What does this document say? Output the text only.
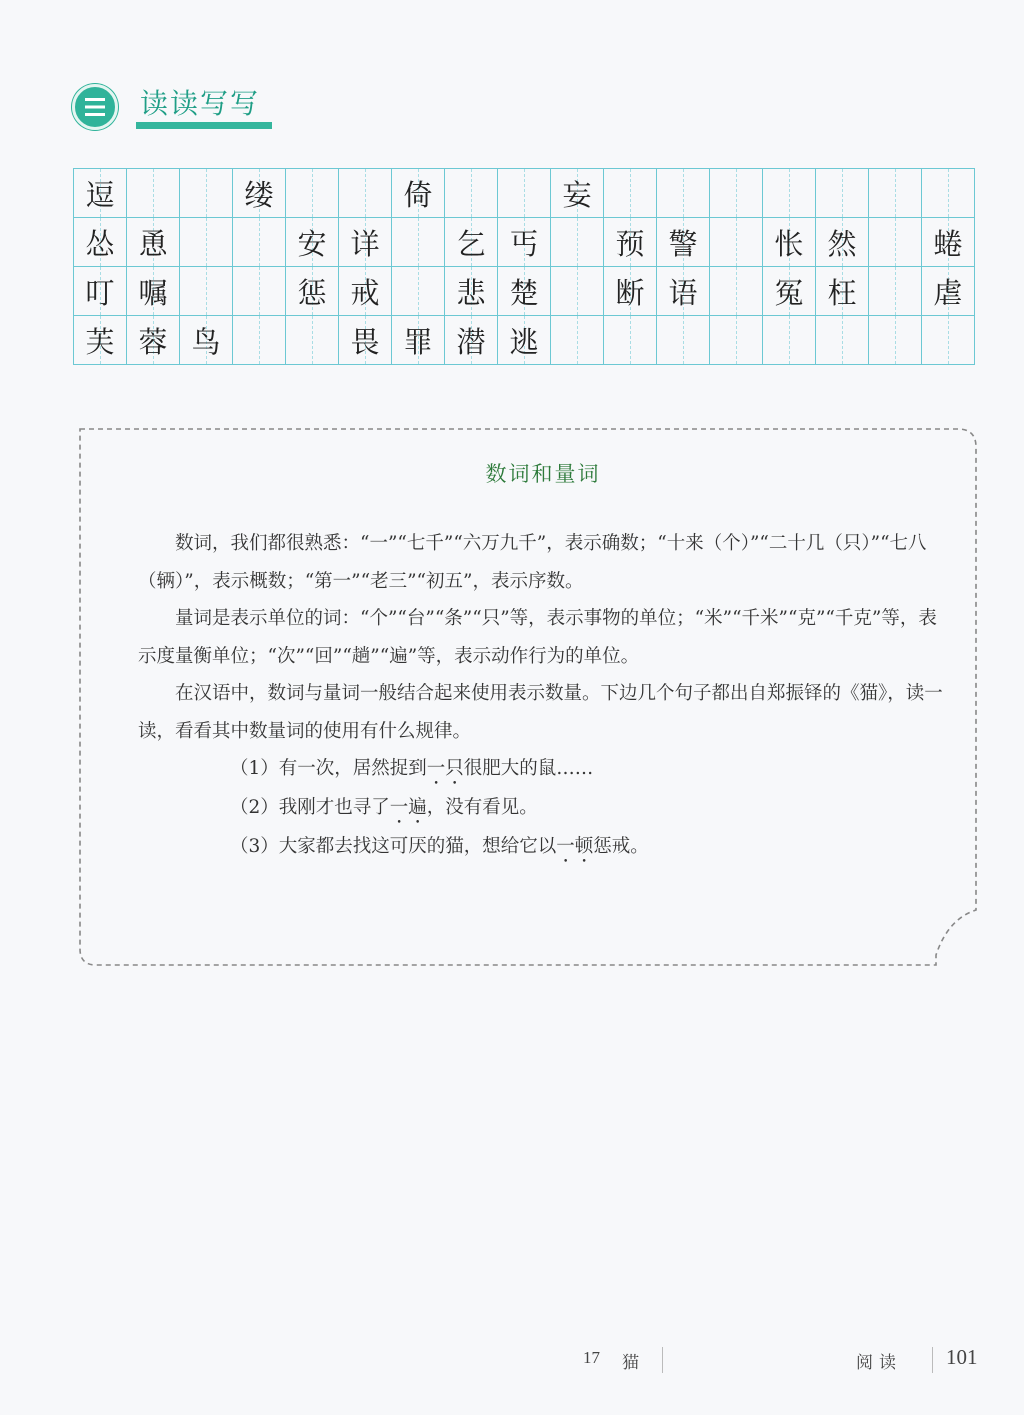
读读写写
逗	缕	倚	妄
怂 恿	安 详	乞 丐	预 警	怅 然	蜷
叮 嘱	惩 戒	悲 楚	断 语	冤 枉	虐
芙 蓉 鸟	畏 罪 潜 逃
数词和量词

数词，我们都很熟悉：“一”“七千”“六万九千”，表示确数；“十来（个）”“二十几（只）”“七八（辆）”，表示概数；“第一”“老三”“初五”，表示序数。

量词是表示单位的词：“个”“台”“条”“只”等，表示事物的单位；“米”“千米”“克”“千克”等，表示度量衡单位；“次”“回”“趟”“遍”等，表示动作行为的单位。

在汉语中，数词与量词一般结合起来使用表示数量。下边几个句子都出自郑振铎的《猫》，读一读，看看其中数量词的使用有什么规律。

（1）有一次，居然捉到一只很肥大的鼠……

（2）我刚才也寻了一遍，没有看见。

（3）大家都去找这可厌的猫，想给它以一顿惩戒。

17 猫	阅读 101
